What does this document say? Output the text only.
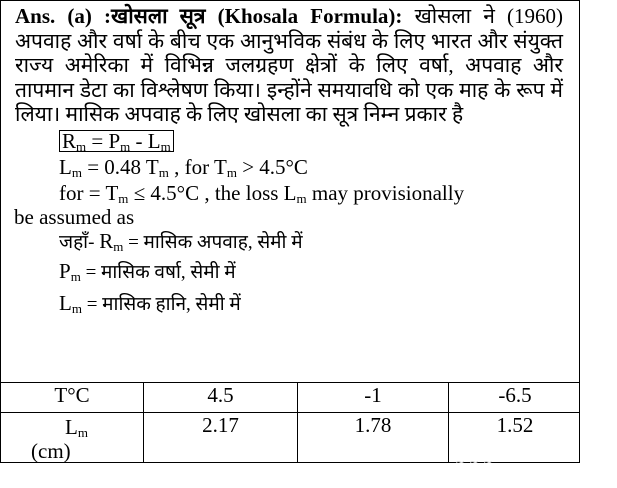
Ans. (a) :खोसला सूत्र (Khosala Formula): खोसला ने (1960) अपवाह और वर्षा के बीच एक आनुभविक संबंध के लिए भारत और संयुक्त राज्य अमेरिका में विभिन्न जलग्रहण क्षेत्रों के लिए वर्षा, अपवाह और तापमान डेटा का विश्लेषण किया। इन्होंने समयावधि को एक माह के रूप में लिया। मासिक अपवाह के लिए खोसला का सूत्र निम्न प्रकार है

$R_m = P_m - L_m$

$L_m = 0.48$ $T_m$ , for $T_m > 4.5^\circ C$

for = $T_m \le 4.5^\circ C$ , the loss $L_m$ may provisionally

be assumed as

जहाँ- $R_m$ = मासिक अपवाह, सेमी में

$P_m$ = मासिक वर्षा, सेमी में

$L_m$ = मासिक हानि, सेमी में

T°C	4.5	-1	-6.5

$L_m$
(cm)	2.17	1.78	1.52
~ ~ ~
